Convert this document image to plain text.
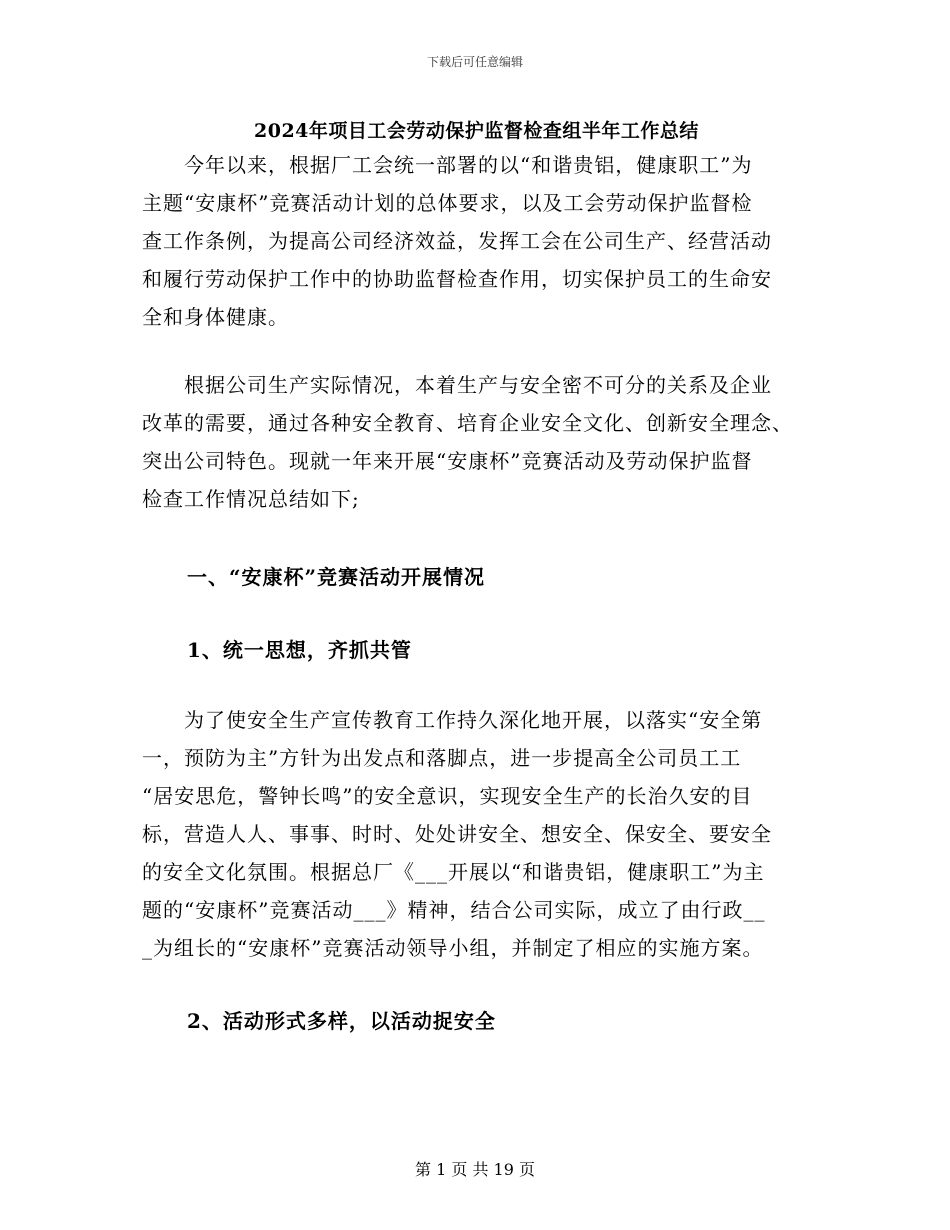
下载后可任意编辑
2024年项目工会劳动保护监督检查组半年工作总结

　　今年以来，根据厂工会统一部署的以“和谐贵铝，健康职工”为
主题“安康杯”竞赛活动计划的总体要求，以及工会劳动保护监督检
查工作条例，为提高公司经济效益，发挥工会在公司生产、经营活动
和履行劳动保护工作中的协助监督检查作用，切实保护员工的生命安
全和身体健康。

　　根据公司生产实际情况，本着生产与安全密不可分的关系及企业
改革的需要，通过各种安全教育、培育企业安全文化、创新安全理念、
突出公司特色。现就一年来开展“安康杯”竞赛活动及劳动保护监督
检查工作情况总结如下;

一、“安康杯”竞赛活动开展情况
1、统一思想，齐抓共管

　　为了使安全生产宣传教育工作持久深化地开展，以落实“安全第
一，预防为主”方针为出发点和落脚点，进一步提高全公司员工工
“居安思危，警钟长鸣”的安全意识，实现安全生产的长治久安的目
标，营造人人、事事、时时、处处讲安全、想安全、保安全、要安全
的安全文化氛围。根据总厂《___开展以“和谐贵铝，健康职工”为主
题的“安康杯”竞赛活动___》精神，结合公司实际，成立了由行政__
_为组长的“安康杯”竞赛活动领导小组，并制定了相应的实施方案。

2、活动形式多样，以活动捉安全
第 1 页 共 19 页
